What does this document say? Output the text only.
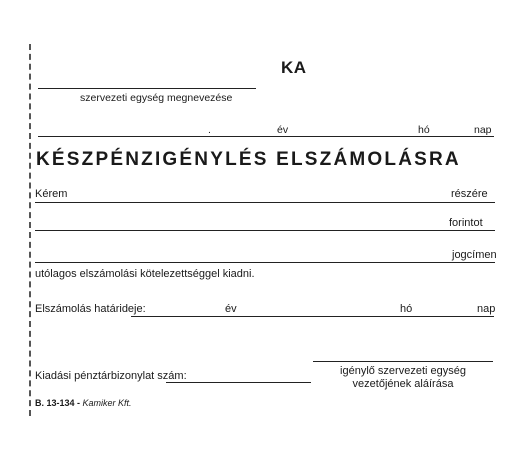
KA
szervezeti egység megnevezése
.	év	hó	nap
KÉSZPÉNZIGÉNYLÉS ELSZÁMOLÁSRA
Kérem	részére
forintot
jogcímen
utólagos elszámolási kötelezettséggel kiadni.
Elszámolás határideje:	év	hó	nap
igénylő szervezeti egység
vezetőjének aláírása
Kiadási pénztárbizonylat szám:
B. 13-134 - Kamiker Kft.
